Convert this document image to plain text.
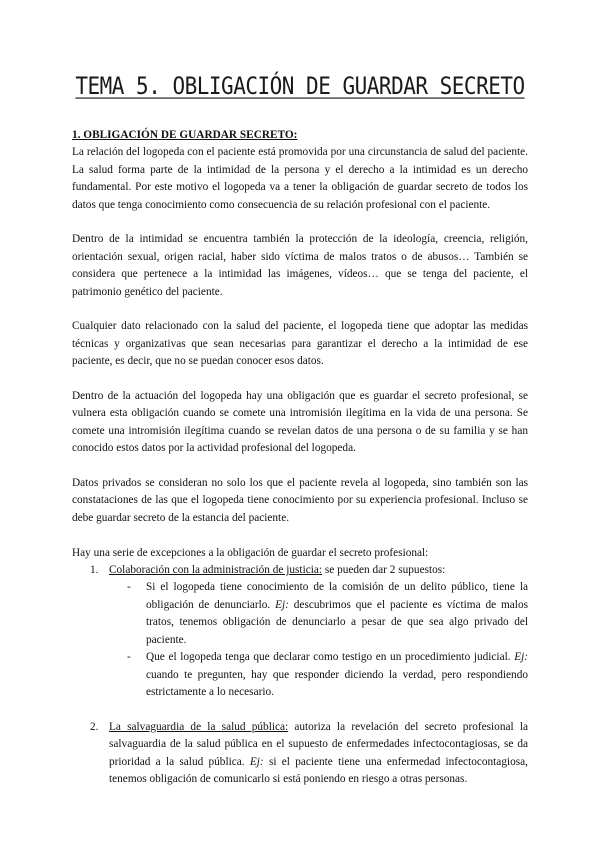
TEMA 5. OBLIGACIÓN DE GUARDAR SECRETO

1. OBLIGACIÓN DE GUARDAR SECRETO:

La relación del logopeda con el paciente está promovida por una circunstancia de salud del paciente. La salud forma parte de la intimidad de la persona y el derecho a la intimidad es un derecho fundamental. Por este motivo el logopeda va a tener la obligación de guardar secreto de todos los datos que tenga conocimiento como consecuencia de su relación profesional con el paciente.

Dentro de la intimidad se encuentra también la protección de la ideología, creencia, religión, orientación sexual, origen racial, haber sido víctima de malos tratos o de abusos… También se considera que pertenece a la intimidad las imágenes, vídeos… que se tenga del paciente, el patrimonio genético del paciente.

Cualquier dato relacionado con la salud del paciente, el logopeda tiene que adoptar las medidas técnicas y organizativas que sean necesarias para garantizar el derecho a la intimidad de ese paciente, es decir, que no se puedan conocer esos datos.

Dentro de la actuación del logopeda hay una obligación que es guardar el secreto profesional, se vulnera esta obligación cuando se comete una intromisión ilegítima en la vida de una persona. Se comete una intromisión ilegítima cuando se revelan datos de una persona o de su familia y se han conocido estos datos por la actividad profesional del logopeda.

Datos privados se consideran no solo los que el paciente revela al logopeda, sino también son las constataciones de las que el logopeda tiene conocimiento por su experiencia profesional. Incluso se debe guardar secreto de la estancia del paciente.

Hay una serie de excepciones a la obligación de guardar el secreto profesional:

1. Colaboración con la administración de justicia: se pueden dar 2 supuestos:
- Si el logopeda tiene conocimiento de la comisión de un delito público, tiene la obligación de denunciarlo. Ej: descubrimos que el paciente es víctima de malos tratos, tenemos obligación de denunciarlo a pesar de que sea algo privado del paciente.
- Que el logopeda tenga que declarar como testigo en un procedimiento judicial. Ej: cuando te pregunten, hay que responder diciendo la verdad, pero respondiendo estrictamente a lo necesario.
2. La salvaguardia de la salud pública: autoriza la revelación del secreto profesional la salvaguardia de la salud pública en el supuesto de enfermedades infectocontagiosas, se da prioridad a la salud pública. Ej: si el paciente tiene una enfermedad infectocontagiosa, tenemos obligación de comunicarlo si está poniendo en riesgo a otras personas.
